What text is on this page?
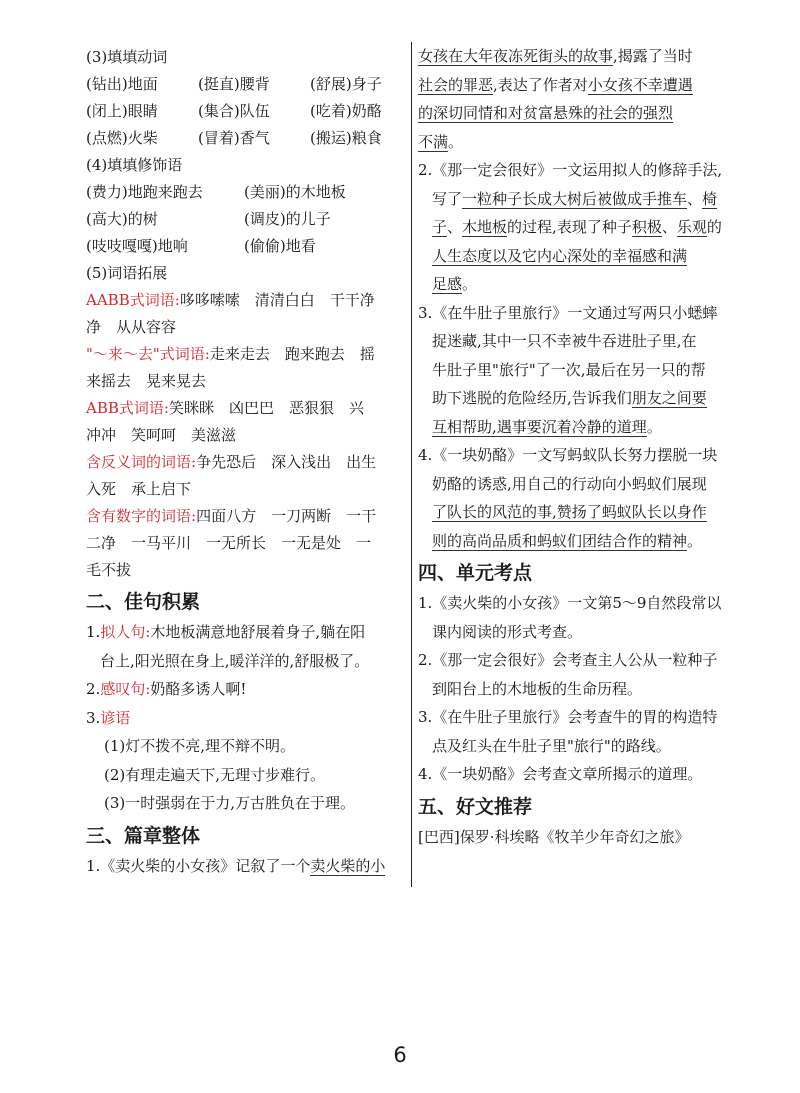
(3)填填动词
(钻出)地面	(挺直)腰背	(舒展)身子
(闭上)眼睛	(集合)队伍	(吃着)奶酪
(点燃)火柴	(冒着)香气	(搬运)粮食
(4)填填修饰语
(费力)地跑来跑去	(美丽)的木地板
(高大)的树	(调皮)的儿子
(吱吱嘎嘎)地响	(偷偷)地看
(5)词语拓展
AABB式词语:哆哆嗦嗦　清清白白　干干净
净　从从容容
"～来～去"式词语:走来走去　跑来跑去　摇
来摇去　晃来晃去
ABB式词语:笑眯眯　凶巴巴　恶狠狠　兴
冲冲　笑呵呵　美滋滋
含反义词的词语:争先恐后　深入浅出　出生
入死　承上启下
含有数字的词语:四面八方　一刀两断　一干
二净　一马平川　一无所长　一无是处　一
毛不拔
二、佳句积累
1.拟人句:木地板满意地舒展着身子,躺在阳
台上,阳光照在身上,暖洋洋的,舒服极了。
2.感叹句:奶酪多诱人啊!
3.谚语
(1)灯不拨不亮,理不辩不明。
(2)有理走遍天下,无理寸步难行。
(3)一时强弱在于力,万古胜负在于理。
三、篇章整体
1.《卖火柴的小女孩》记叙了一个卖火柴的小
女孩在大年夜冻死街头的故事,揭露了当时
社会的罪恶,表达了作者对小女孩不幸遭遇
的深切同情和对贫富悬殊的社会的强烈
不满。
2.《那一定会很好》一文运用拟人的修辞手法,
写了一粒种子长成大树后被做成手推车、椅
子、木地板的过程,表现了种子积极、乐观的
人生态度以及它内心深处的幸福感和满
足感。
3.《在牛肚子里旅行》一文通过写两只小蟋蟀
捉迷藏,其中一只不幸被牛吞进肚子里,在
牛肚子里"旅行"了一次,最后在另一只的帮
助下逃脱的危险经历,告诉我们朋友之间要
互相帮助,遇事要沉着冷静的道理。
4.《一块奶酪》一文写蚂蚁队长努力摆脱一块
奶酪的诱惑,用自己的行动向小蚂蚁们展现
了队长的风范的事,赞扬了蚂蚁队长以身作
则的高尚品质和蚂蚁们团结合作的精神。
四、单元考点
1.《卖火柴的小女孩》一文第5～9自然段常以
课内阅读的形式考查。
2.《那一定会很好》会考查主人公从一粒种子
到阳台上的木地板的生命历程。
3.《在牛肚子里旅行》会考查牛的胃的构造特
点及红头在牛肚子里"旅行"的路线。
4.《一块奶酪》会考查文章所揭示的道理。
五、好文推荐
[巴西]保罗·科埃略《牧羊少年奇幻之旅》
6
